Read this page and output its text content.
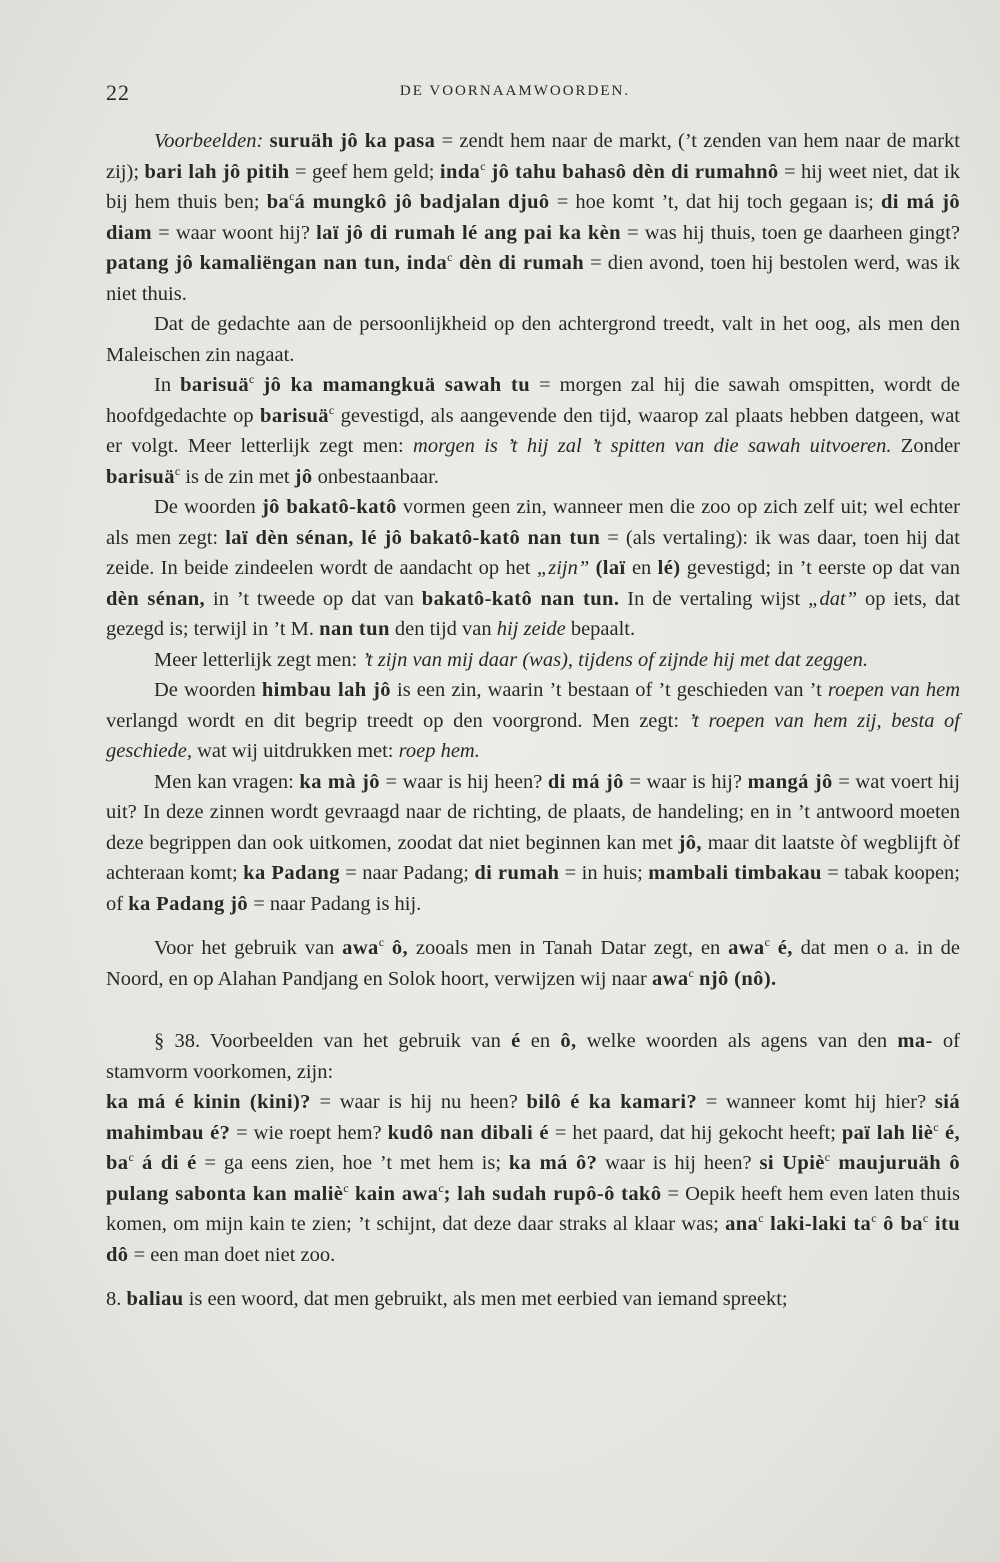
22	DE VOORNAAMWOORDEN.

Voorbeelden: suruäh jô ka pasa = zendt hem naar de markt, (’t zenden van hem naar de markt zij); bari lah jô pitih = geef hem geld; inda$^c$ jô tahu bahasô dèn di rumahnô = hij weet niet, dat ik bij hem thuis ben; $ba^cá$ mungkô jô badjalan djuô = hoe komt ’t, dat hij toch gegaan is; di má jô diam = waar woont hij? laï jô di rumah lé ang pai ka kèn = was hij thuis, toen ge daarheen gingt? patang jô kamaliëngan nan tun, inda$^c$ dèn di rumah = dien avond, toen hij bestolen werd, was ik niet thuis.

Dat de gedachte aan de persoonlijkheid op den achtergrond treedt, valt in het oog, als men den Maleischen zin nagaat.

In barisuä$^c$ jô ka mamangkuä sawah tu = morgen zal hij die sawah omspitten, wordt de hoofdgedachte op barisuä$^c$ gevestigd, als aangevende den tijd, waarop zal plaats hebben datgeen, wat er volgt. Meer letterlijk zegt men: morgen is ’t hij zal ’t spitten van die sawah uitvoeren. Zonder barisuä$^c$ is de zin met jô onbestaanbaar.

De woorden jô bakatô-katô vormen geen zin, wanneer men die zoo op zich zelf uit; wel echter als men zegt: laï dèn sénan, lé jô bakatô-katô nan tun = (als vertaling): ik was daar, toen hij dat zeide. In beide zindeelen wordt de aandacht op het „zijn” (laï en lé) gevestigd; in ’t eerste op dat van dèn sénan, in ’t tweede op dat van bakatô-katô nan tun. In de vertaling wijst „dat” op iets, dat gezegd is; terwijl in ’t M. nan tun den tijd van hij zeide bepaalt.

Meer letterlijk zegt men: ’t zijn van mij daar (was), tijdens of zijnde hij met dat zeggen.

De woorden himbau lah jô is een zin, waarin ’t bestaan of ’t geschieden van ’t roepen van hem verlangd wordt en dit begrip treedt op den voorgrond. Men zegt: ’t roepen van hem zij, besta of geschiede, wat wij uitdrukken met: roep hem.

Men kan vragen: ka mà jô = waar is hij heen? di má jô = waar is hij? mangá jô = wat voert hij uit? In deze zinnen wordt gevraagd naar de richting, de plaats, de handeling; en in ’t antwoord moeten deze begrippen dan ook uitkomen, zoodat dat niet beginnen kan met jô, maar dit laatste òf wegblijft òf achteraan komt; ka Padang = naar Padang; di rumah = in huis; mambali timbakau = tabak koopen; of ka Padang jô = naar Padang is hij.

Voor het gebruik van awa$^c$ ô, zooals men in Tanah Datar zegt, en awa$^c$ é, dat men o a. in de Noord, en op Alahan Pandjang en Solok hoort, verwijzen wij naar awa$^c$ njô (nô).

§ 38. Voorbeelden van het gebruik van é en ô, welke woorden als agens van den ma- of stamvorm voorkomen, zijn:

ka má é kinin (kini)? = waar is hij nu heen? bilô é ka kamari? = wanneer komt hij hier? siá mahimbau é? = wie roept hem? kudô nan dibali é = het paard, dat hij gekocht heeft; paï lah liè$^c$ é, $ba^c$ á di é = ga eens zien, hoe ’t met hem is; ka má ô? waar is hij heen? si Upiè$^c$ maujuruäh ô pulang sabonta kan maliè$^c$ kain awa$^c$; lah sudah rupô-ô takô = Oepik heeft hem even laten thuis komen, om mijn kain te zien; ’t schijnt, dat deze daar straks al klaar was; ana$^c$ laki-laki $ta^c$ ô $ba^c$ itu dô = een man doet niet zoo.

8. baliau is een woord, dat men gebruikt, als men met eerbied van iemand spreekt;
